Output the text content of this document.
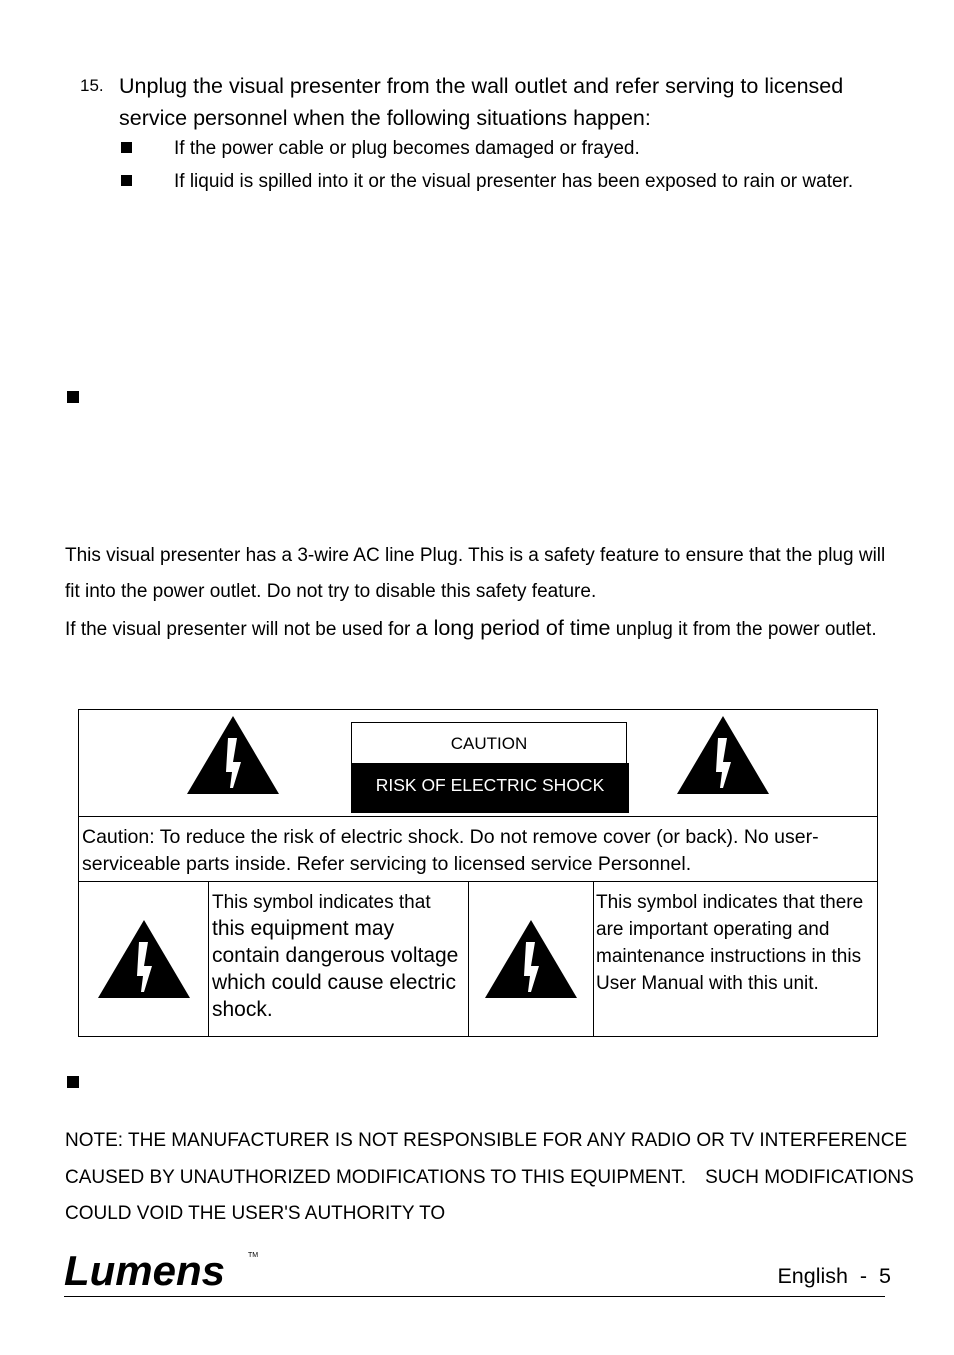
15. Unplug the visual presenter from the wall outlet and refer serving to licensed service personnel when the following situations happen:
If the power cable or plug becomes damaged or frayed.
If liquid is spilled into it or the visual presenter has been exposed to rain or water.
This visual presenter has a 3-wire AC line Plug. This is a safety feature to ensure that the plug will fit into the power outlet. Do not try to disable this safety feature.
If the visual presenter will not be used for a long period of time unplug it from the power outlet.
CAUTION
RISK OF ELECTRIC SHOCK

Caution: To reduce the risk of electric shock. Do not remove cover (or back). No user-serviceable parts inside. Refer servicing to licensed service Personnel.

	This symbol indicates that
this equipment may contain dangerous voltage which could cause electric shock.	
	This symbol indicates that there are important operating and maintenance instructions in this User Manual with this unit.
NOTE: THE MANUFACTURER IS NOT RESPONSIBLE FOR ANY RADIO OR TV INTERFERENCE CAUSED BY UNAUTHORIZED MODIFICATIONS TO THIS EQUIPMENT.　SUCH MODIFICATIONS COULD VOID THE USER'S AUTHORITY TO
Lumens	TM
English  -  5
